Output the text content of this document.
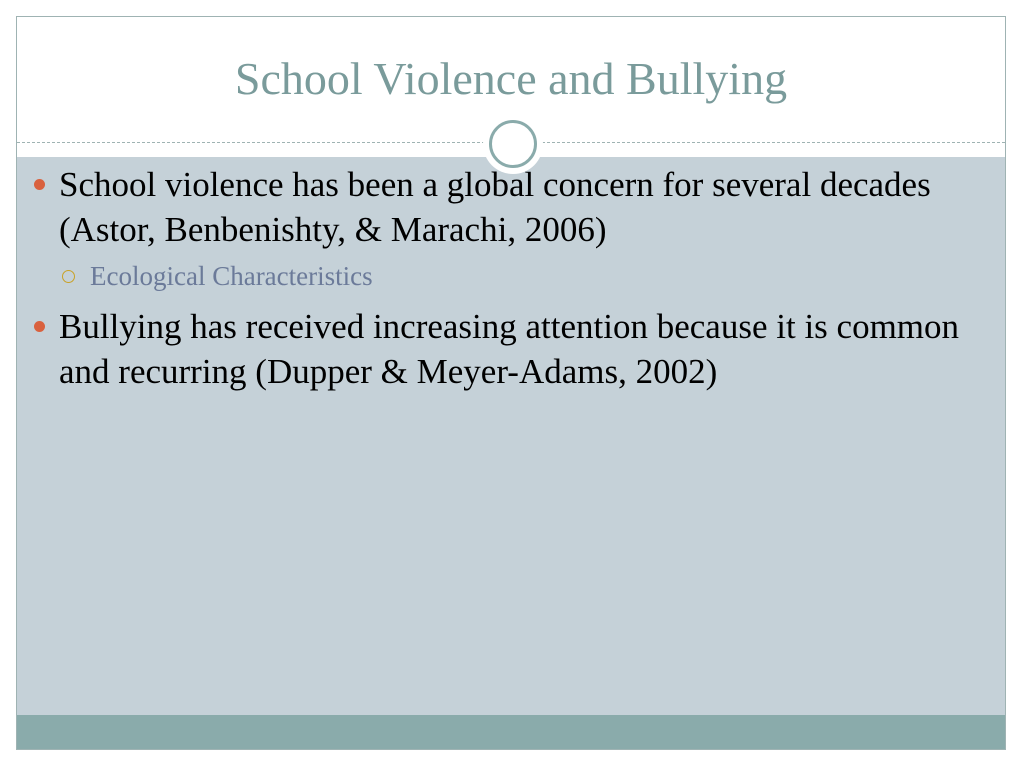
School Violence and Bullying
School violence has been a global concern for several decades (Astor, Benbenishty, & Marachi, 2006)
Ecological Characteristics
Bullying has received increasing attention because it is common and recurring (Dupper & Meyer-Adams, 2002)
